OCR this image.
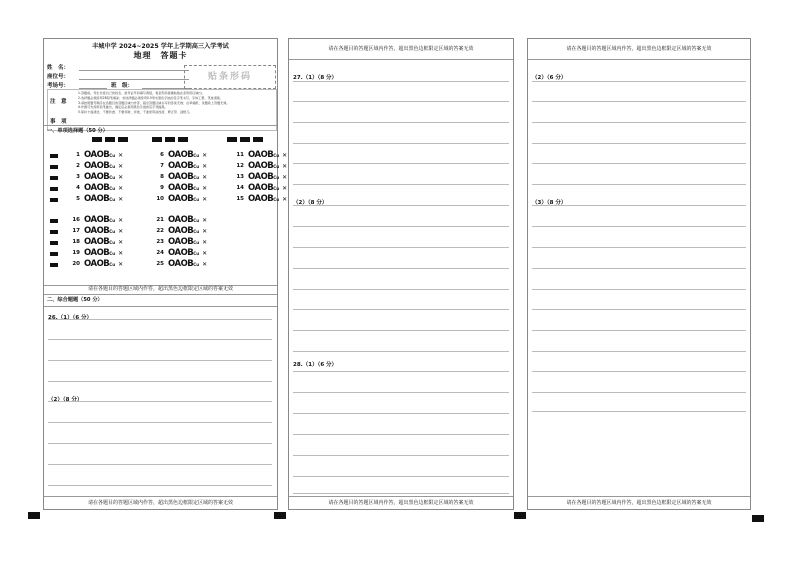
丰城中学 2024~2025 学年上学期高三入学考试
地理　答题卡
姓　名：
座位号：
考场号：	班　级：
贴条形码
注　意
事　项
1.答题前，考生先将自己的姓名、准考证号码填写清楚，将条形码准确粘贴在条形码区域内。
2.选择题必须使用2B铅笔填涂；非选择题必须使用0.5毫米黑色字迹的签字笔书写，字体工整、笔迹清楚。
3.请按照题号顺序在各题目的答题区域内作答，超出答题区域书写的答案无效；在草稿纸、试题卷上答题无效。
4.作图可先使用铅笔画出，确定后必须用黑色字迹的签字笔描黑。
5.保持卡面清洁，不要折叠、不要弄破、弄皱，不准使用涂改液、修正带、刮纸刀。
一、单项选择题（50 分）
1 OAOBCu ✕
2 OAOBCu ✕
3 OAOBCu ✕
4 OAOBCu ✕
5 OAOBCu ✕
6 OAOBCu ✕
7 OAOBCu ✕
8 OAOBCu ✕
9 OAOBCu ✕
10 OAOBCu ✕
11 OAOBCu ✕
12 OAOBCu ✕
13 OAOBCu ✕
14 OAOBCu ✕
15 OAOBCu ✕
16 OAOBCu ✕
17 OAOBCu ✕
18 OAOBCu ✕
19 OAOBCu ✕
20 OAOBCu ✕
21 OAOBCu ✕
22 OAOBCu ✕
23 OAOBCu ✕
24 OAOBCu ✕
25 OAOBCu ✕
请在各题目的答题区域内作答，超出黑色边框限定区域的答案无效
二、综合题题（50 分）
26.（1）（6 分）
（2）（8 分）
请在各题目的答题区域内作答，超出黑色边框限定区域的答案无效
请在各题目的答题区域内作答，超出黑色边框限定区域的答案无效
27.（1）（8 分）
（2）（8 分）
28.（1）（6 分）
请在各题目的答题区域内作答，超出黑色边框限定区域的答案无效
请在各题目的答题区域内作答，超出黑色边框限定区域的答案无效
（2）（6 分）
（3）（8 分）
请在各题目的答题区域内作答，超出黑色边框限定区域的答案无效
